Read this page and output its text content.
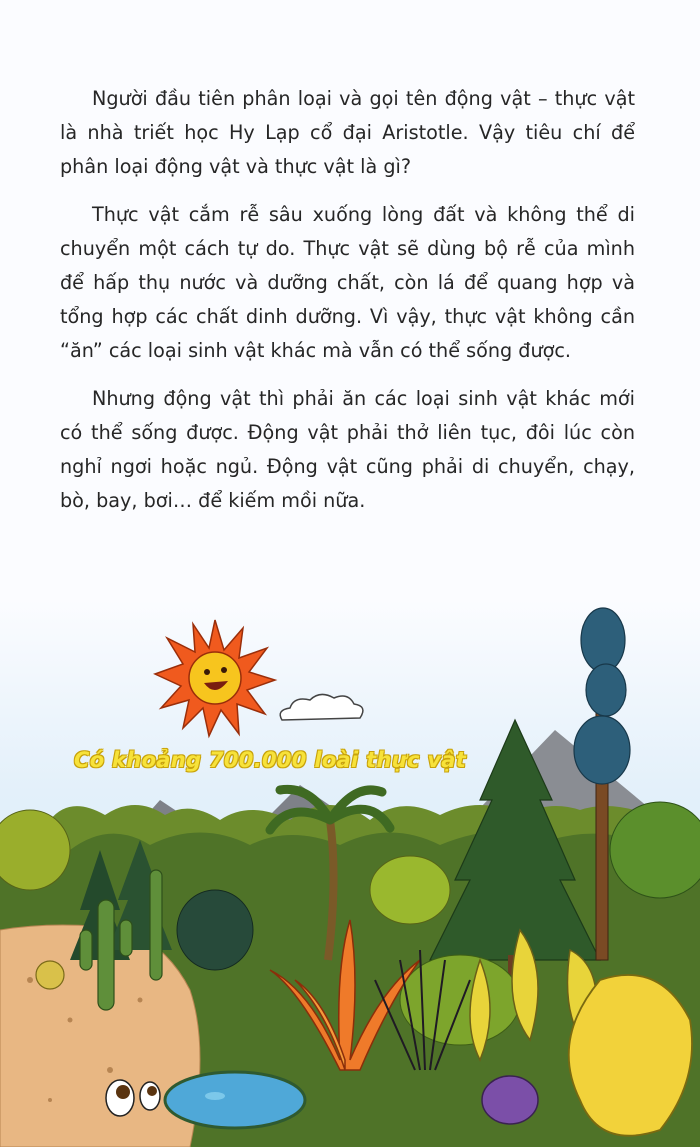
Người đầu tiên phân loại và gọi tên động vật – thực vật là nhà triết học Hy Lạp cổ đại Aristotle. Vậy tiêu chí để phân loại động vật và thực vật là gì?

Thực vật cắm rễ sâu xuống lòng đất và không thể di chuyển một cách tự do. Thực vật sẽ dùng bộ rễ của mình để hấp thụ nước và dưỡng chất, còn lá để quang hợp và tổng hợp các chất dinh dưỡng. Vì vậy, thực vật không cần “ăn” các loại sinh vật khác mà vẫn có thể sống được.

Nhưng động vật thì phải ăn các loại sinh vật khác mới có thể sống được. Động vật phải thở liên tục, đôi lúc còn nghỉ ngơi hoặc ngủ. Động vật cũng phải di chuyển, chạy, bò, bay, bơi… để kiếm mồi nữa.

Có khoảng 700.000 loài thực vật
